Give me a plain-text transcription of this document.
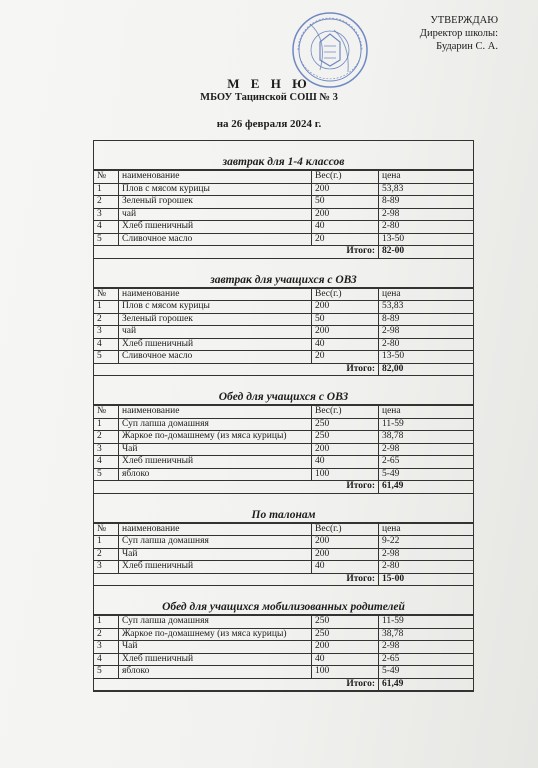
УТВЕРЖДАЮ
Директор школы:
Бударин С. А.
М Е Н Ю
МБОУ Тацинской СОШ № 3
на 26 февраля 2024 г.
завтрак для 1-4 классов
№	наименование	Вес(г.)	цена
1	Плов с мясом курицы	200	53,83
2	Зеленый горошек	50	8-89
3	чай	200	2-98
4	Хлеб пшеничный	40	2-80
5	Сливочное масло	20	13-50
Итого:			82-00
завтрак для учащихся с ОВЗ
№	наименование	Вес(г.)	цена
1	Плов с мясом курицы	200	53,83
2	Зеленый горошек	50	8-89
3	чай	200	2-98
4	Хлеб пшеничный	40	2-80
5	Сливочное масло	20	13-50
Итого:			82,00
Обед для учащихся с ОВЗ
№	наименование	Вес(г.)	цена
1	Суп лапша домашняя	250	11-59
2	Жаркое по-домашнему (из мяса курицы)	250	38,78
3	Чай	200	2-98
4	Хлеб пшеничный	40	2-65
5	яблоко	100	5-49
Итого:			61,49
По талонам
№	наименование	Вес(г.)	цена
1	Суп лапша домашняя	200	9-22
2	Чай	200	2-98
3	Хлеб пшеничный	40	2-80
Итого:			15-00
Обед для учащихся мобилизованных родителей
1	Суп лапша домашняя	250	11-59
2	Жаркое по-домашнему (из мяса курицы)	250	38,78
3	Чай	200	2-98
4	Хлеб пшеничный	40	2-65
5	яблоко	100	5-49
Итого:			61,49
